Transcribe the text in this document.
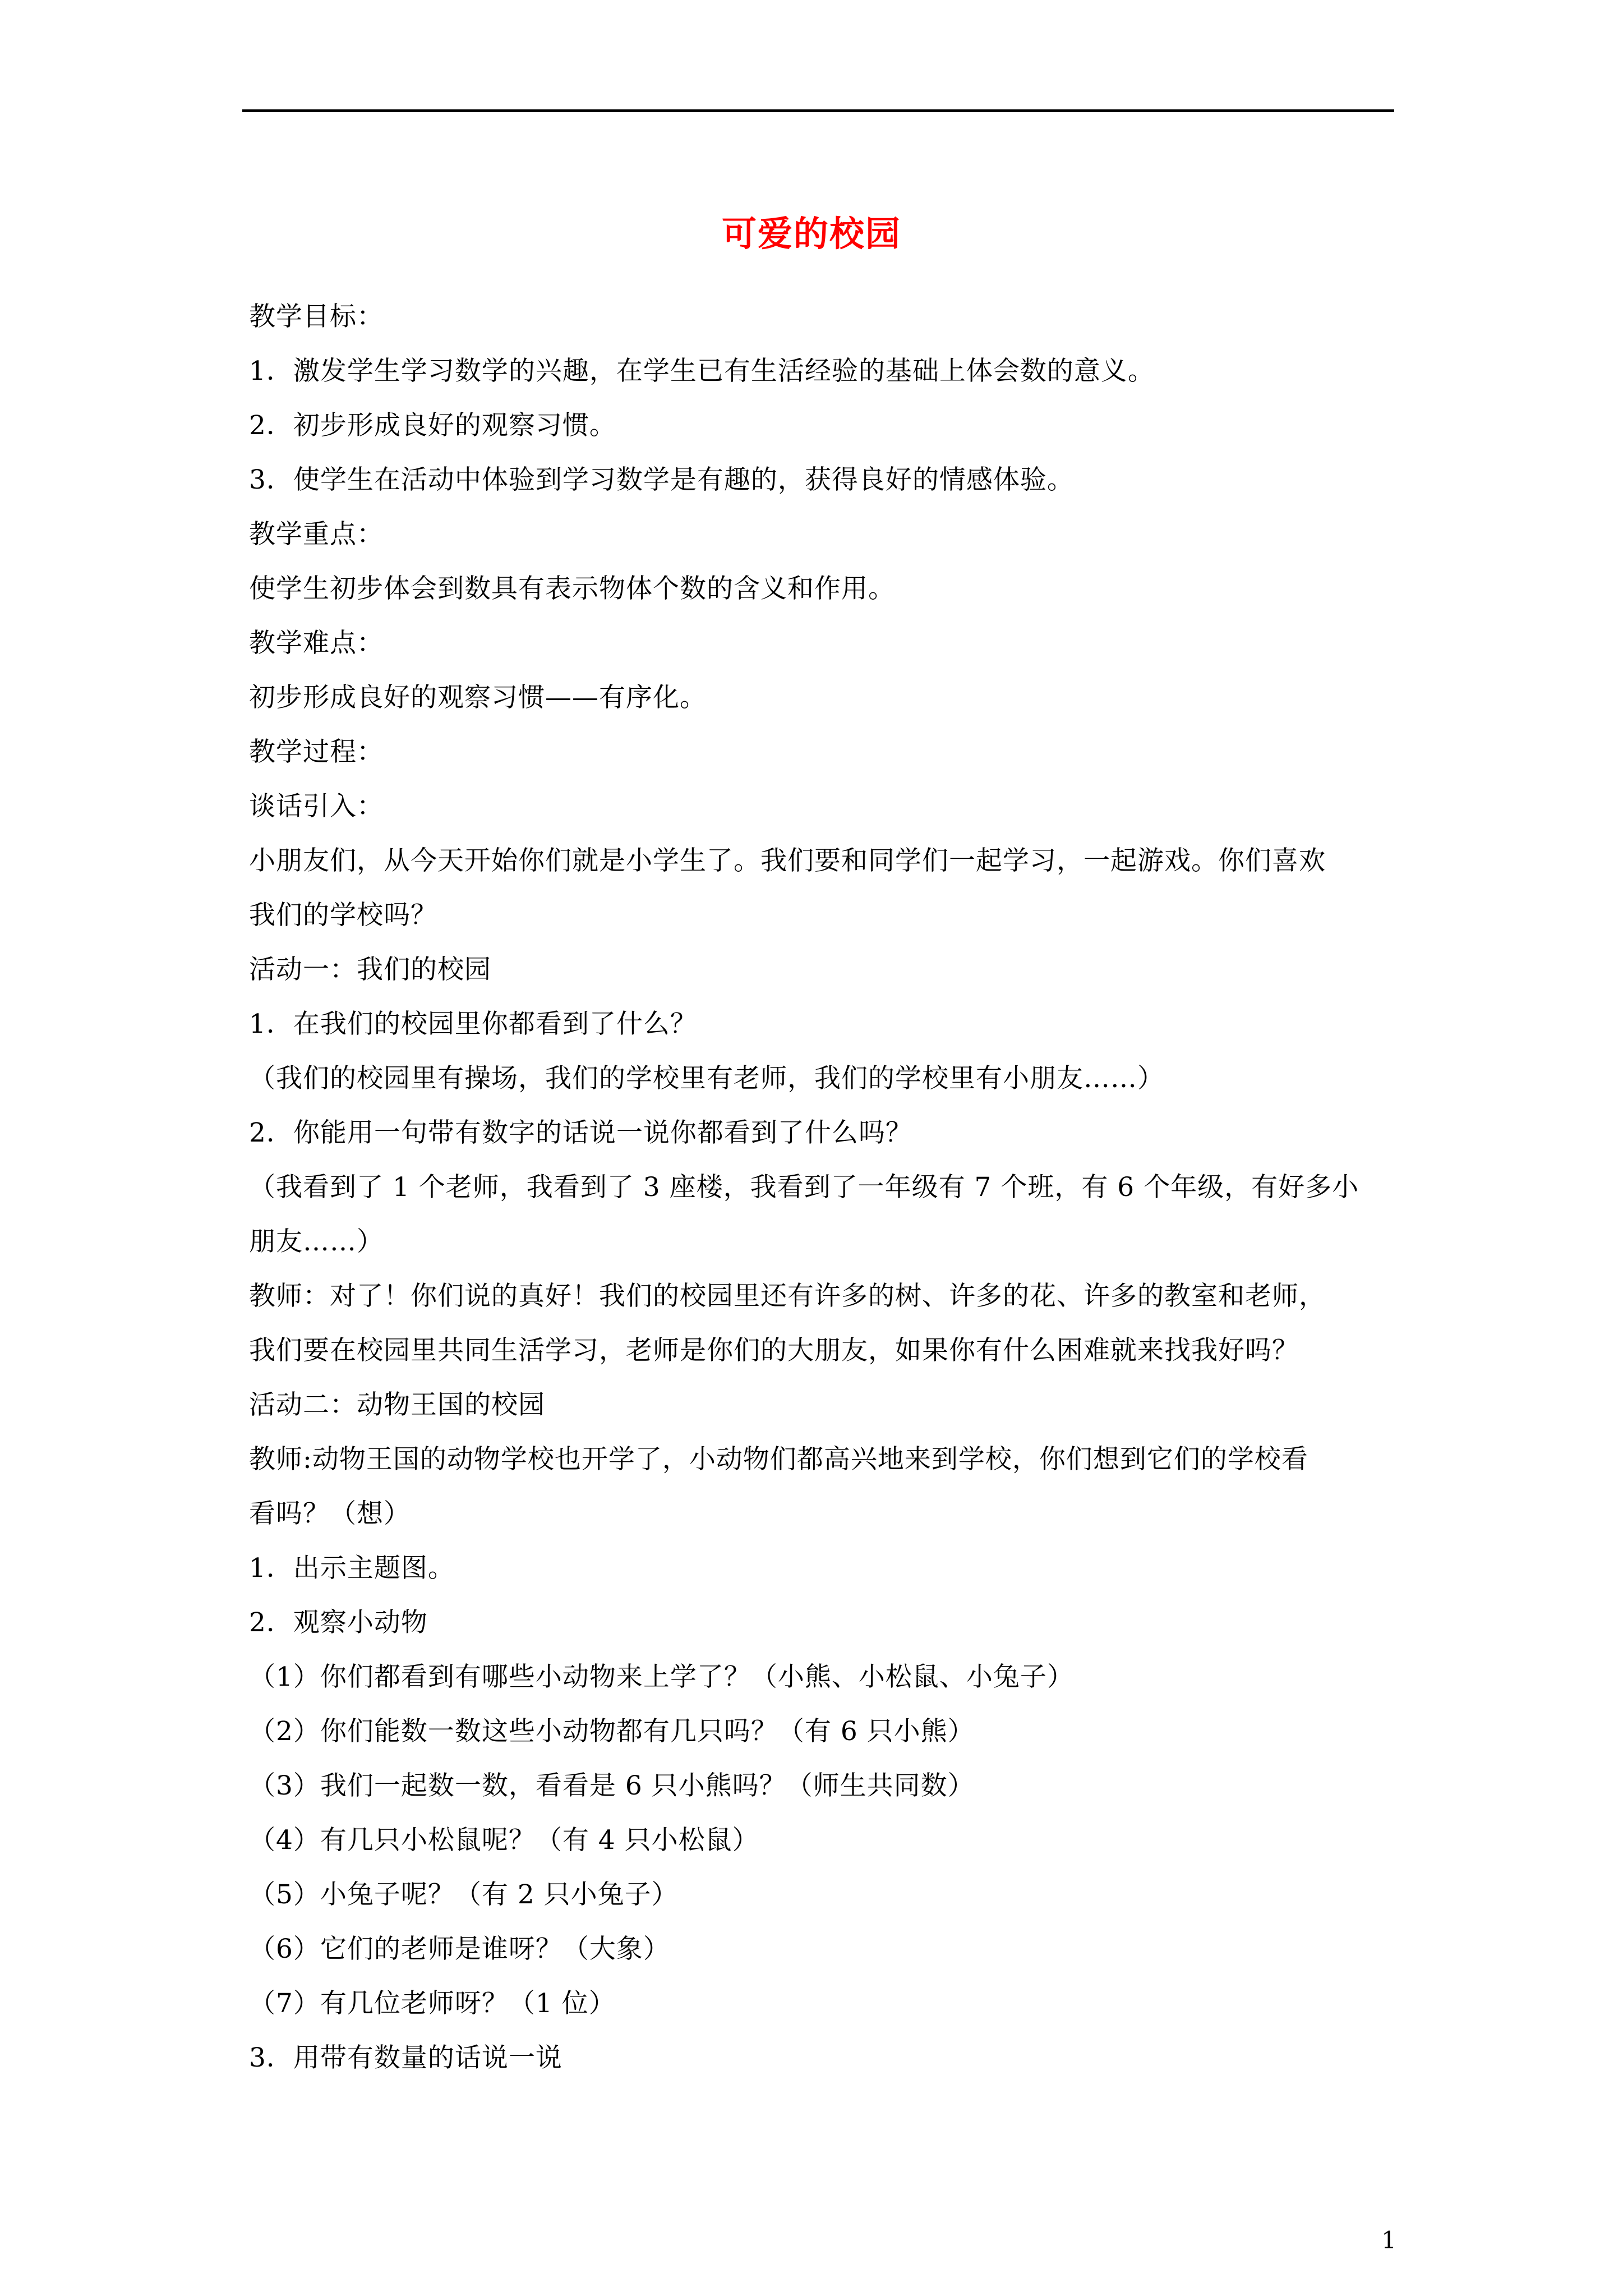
可爱的校园
教学目标：
1．激发学生学习数学的兴趣，在学生已有生活经验的基础上体会数的意义。
2．初步形成良好的观察习惯。
3．使学生在活动中体验到学习数学是有趣的，获得良好的情感体验。
教学重点：
使学生初步体会到数具有表示物体个数的含义和作用。
教学难点：
初步形成良好的观察习惯——有序化。
教学过程：
谈话引入：
小朋友们，从今天开始你们就是小学生了。我们要和同学们一起学习，一起游戏。你们喜欢
我们的学校吗？
活动一：我们的校园
1．在我们的校园里你都看到了什么？
（我们的校园里有操场，我们的学校里有老师，我们的学校里有小朋友……）
2．你能用一句带有数字的话说一说你都看到了什么吗？
（我看到了 1 个老师，我看到了 3 座楼，我看到了一年级有 7 个班，有 6 个年级，有好多小
朋友……）
教师：对了！你们说的真好！我们的校园里还有许多的树、许多的花、许多的教室和老师，
我们要在校园里共同生活学习，老师是你们的大朋友，如果你有什么困难就来找我好吗？
活动二：动物王国的校园
教师:动物王国的动物学校也开学了，小动物们都高兴地来到学校，你们想到它们的学校看
看吗？（想）
1．出示主题图。
2．观察小动物
（1）你们都看到有哪些小动物来上学了？（小熊、小松鼠、小兔子）
（2）你们能数一数这些小动物都有几只吗？（有 6 只小熊）
（3）我们一起数一数，看看是 6 只小熊吗？（师生共同数）
（4）有几只小松鼠呢？（有 4 只小松鼠）
（5）小兔子呢？（有 2 只小兔子）
（6）它们的老师是谁呀？（大象）
（7）有几位老师呀？（1 位）
3．用带有数量的话说一说
1
